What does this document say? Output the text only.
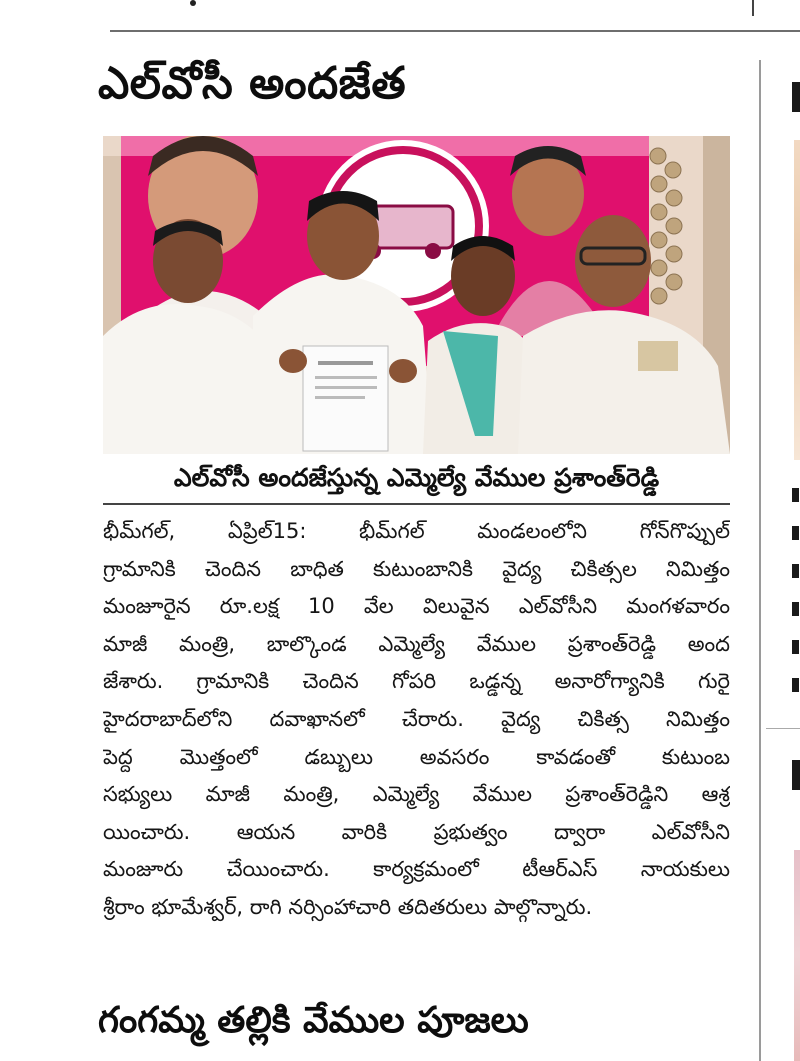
ఎల్‌వోసీ అందజేత
ఎల్‌వోసీ అందజేస్తున్న ఎమ్మెల్యే వేముల ప్రశాంత్‌రెడ్డి
భీమ్‌గల్, ఏప్రిల్15: భీమ్‌గల్ మండలంలోని గోన్‌గొప్పుల్
గ్రామానికి చెందిన బాధిత కుటుంబానికి వైద్య చికిత్సల నిమిత్తం
మంజూరైన రూ.లక్ష 10 వేల విలువైన ఎల్‌వోసీని మంగళవారం
మాజీ మంత్రి, బాల్కొండ ఎమ్మెల్యే వేముల ప్రశాంత్‌రెడ్డి అంద
జేశారు. గ్రామానికి చెందిన గోపరి ఒడ్డన్న అనారోగ్యానికి గురై
హైదరాబాద్‌లోని దవాఖానలో చేరారు. వైద్య చికిత్స నిమిత్తం
పెద్ద మొత్తంలో డబ్బులు అవసరం కావడంతో కుటుంబ
సభ్యులు మాజీ మంత్రి, ఎమ్మెల్యే వేముల ప్రశాంత్‌రెడ్డిని ఆశ్ర
యించారు. ఆయన వారికి ప్రభుత్వం ద్వారా ఎల్‌వోసీని
మంజూరు చేయించారు. కార్యక్రమంలో టీఆర్‌ఎస్ నాయకులు
శ్రీరాం భూమేశ్వర్, రాగి నర్సింహాచారి తదితరులు పాల్గొన్నారు.
గంగమ్మ తల్లికి వేముల పూజలు
